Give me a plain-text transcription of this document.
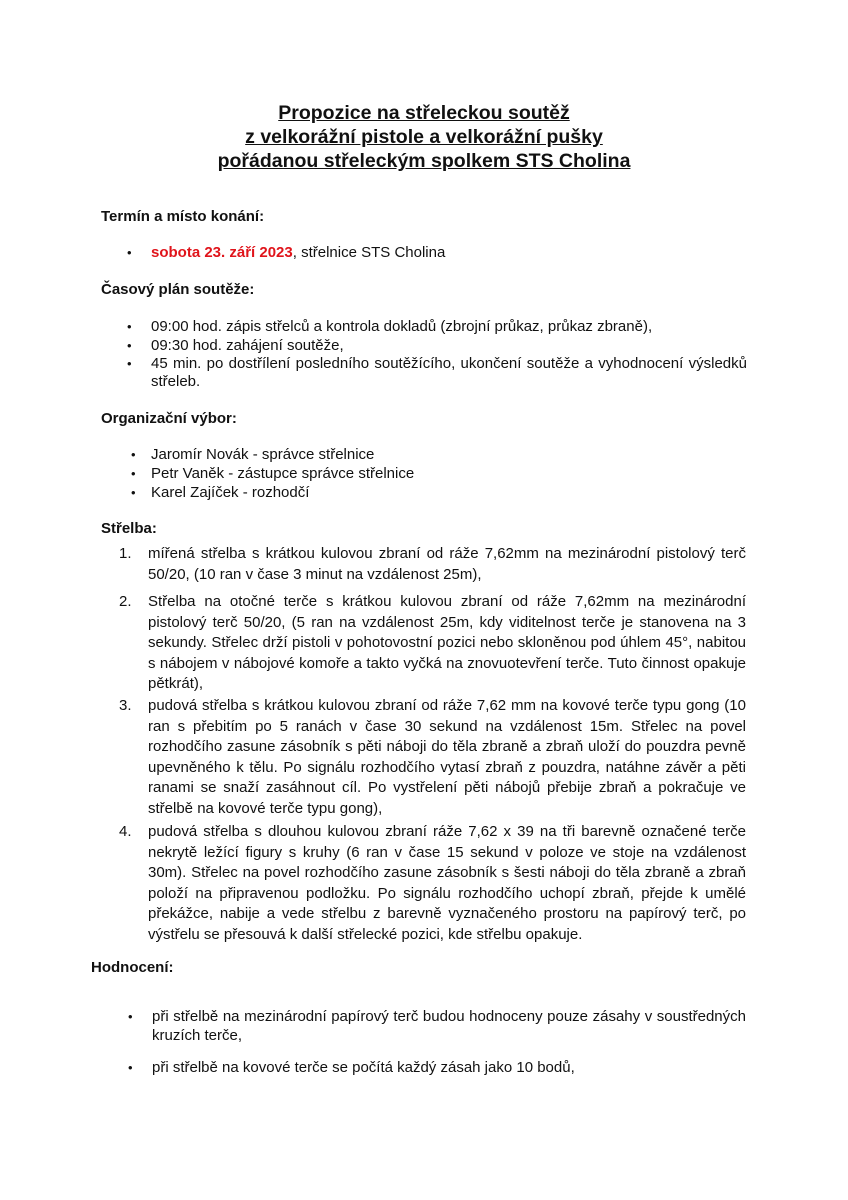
Propozice na střeleckou soutěž
z velkorážní pistole a velkorážní pušky
pořádanou střeleckým spolkem STS Cholina
Termín a místo konání:
• sobota 23. září 2023, střelnice STS Cholina
Časový plán soutěže:
• 09:00 hod. zápis střelců a kontrola dokladů (zbrojní průkaz, průkaz zbraně),
• 09:30 hod. zahájení soutěže,
• 45 min. po dostřílení posledního soutěžícího, ukončení soutěže a vyhodnocení výsledků střeleb.
Organizační výbor:
• Jaromír Novák - správce střelnice
• Petr Vaněk - zástupce správce střelnice
• Karel Zajíček - rozhodčí
Střelba:
1. mířená střelba s krátkou kulovou zbraní od ráže 7,62mm na mezinárodní pistolový terč 50/20, (10 ran v čase 3 minut na vzdálenost 25m),
2. Střelba na otočné terče s krátkou kulovou zbraní od ráže 7,62mm na mezinárodní pistolový terč 50/20, (5 ran na vzdálenost 25m, kdy viditelnost terče je stanovena na 3 sekundy. Střelec drží pistoli v pohotovostní pozici nebo skloněnou pod úhlem 45°, nabitou s nábojem v nábojové komoře a takto vyčká na znovuotevření terče. Tuto činnost opakuje pětkrát),
3. pudová střelba s krátkou kulovou zbraní od ráže 7,62 mm na kovové terče typu gong (10 ran s přebitím po 5 ranách v čase 30 sekund na vzdálenost 15m. Střelec na povel rozhodčího zasune zásobník s pěti náboji do těla zbraně a zbraň uloží do pouzdra pevně upevněného k tělu. Po signálu rozhodčího vytasí zbraň z pouzdra, natáhne závěr a pěti ranami se snaží zasáhnout cíl. Po vystřelení pěti nábojů přebije zbraň a pokračuje ve střelbě na kovové terče typu gong),
4. pudová střelba s dlouhou kulovou zbraní ráže 7,62 x 39 na tři barevně označené terče nekrytě ležící figury s kruhy (6 ran v čase 15 sekund v poloze ve stoje na vzdálenost 30m). Střelec na povel rozhodčího zasune zásobník s šesti náboji do těla zbraně a zbraň položí na připravenou podložku. Po signálu rozhodčího uchopí zbraň, přejde k umělé překážce, nabije a vede střelbu z barevně vyznačeného prostoru na papírový terč, po výstřelu se přesouvá k další střelecké pozici, kde střelbu opakuje.
Hodnocení:
• při střelbě na mezinárodní papírový terč budou hodnoceny pouze zásahy v soustředných kruzích terče,
• při střelbě na kovové terče se počítá každý zásah jako 10 bodů,
